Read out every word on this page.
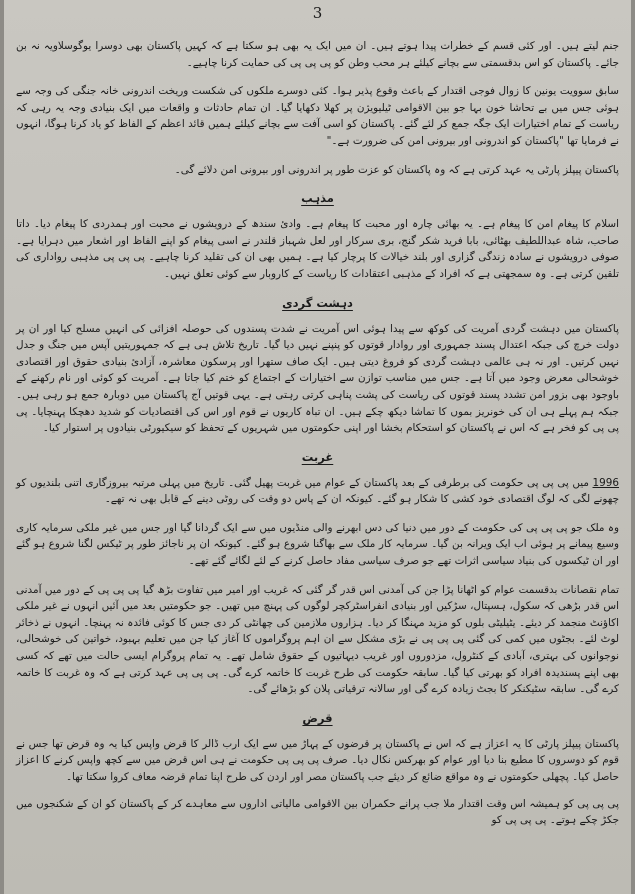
3

جنم لیتے ہیں۔ اور کئی قسم کے خطرات پیدا ہوتے ہیں۔ ان میں ایک یہ بھی ہو سکتا ہے کہ کہیں پاکستان بھی دوسرا یوگوسلاویہ نہ بن جائے۔ پاکستان کو اس بدقسمتی سے بچانے کیلئے ہر محب وطن کو پی پی پی کی حمایت کرنا چاہیے۔

سابق سوویت یونین کا زوال فوجی اقتدار کے باعث وقوع پذیر ہوا۔ کئی دوسرے ملکوں کی شکست وریخت اندرونی خانہ جنگی کی وجہ سے ہوئی جس میں بے تحاشا خون بہا جو بین الاقوامی ٹیلیویژن پر کھلا دکھایا گیا۔ ان تمام حادثات و واقعات میں ایک بنیادی وجہ یہ رہی کہ ریاست کے تمام اختیارات ایک جگہ جمع کر لئے گئے۔ پاکستان کو اسی آفت سے بچانے کیلئے ہمیں قائد اعظم کے الفاظ کو یاد کرنا ہوگا، انہوں نے فرمایا تھا "پاکستان کو اندرونی اور بیرونی امن کی ضرورت ہے۔"

پاکستان پیپلز پارٹی یہ عہد کرتی ہے کہ وہ پاکستان کو عزت طور پر اندرونی اور بیرونی امن دلائے گی۔

مذہب

اسلام کا پیغام امن کا پیغام ہے۔ یہ بھائی چارہ اور محبت کا پیغام ہے۔ وادیٔ سندھ کے درویشوں نے محبت اور ہمدردی کا پیغام دیا۔ داتا صاحب، شاہ عبداللطیف بھٹائی، بابا فرید شکر گنج، بری سرکار اور لعل شہباز قلندر نے اسی پیغام کو اپنے الفاظ اور اشعار میں دہرایا ہے۔ صوفی درویشوں نے سادہ زندگی گزاری اور بلند خیالات کا پرچار کیا ہے۔ ہمیں بھی ان کی تقلید کرنا چاہیے۔ پی پی پی مذہبی رواداری کی تلقین کرتی ہے۔ وہ سمجھتی ہے کہ افراد کے مذہبی اعتقادات کا ریاست کے کاروبار سے کوئی تعلق نہیں۔

دہشت گردی

پاکستان میں دہشت گردی آمریت کی کوکھ سے پیدا ہوئی اس آمریت نے شدت پسندوں کی حوصلہ افزائی کی انہیں مسلح کیا اور ان پر دولت خرچ کی جبکہ اعتدال پسند جمہوری اور روادار قوتوں کو پنپنے نہیں دیا گیا۔ تاریخ تلاش ہی ہے کہ جمہوریتیں آپس میں جنگ و جدل نہیں کرتیں۔ اور نہ ہی عالمی دہشت گردی کو فروغ دیتی ہیں۔ ایک صاف ستھرا اور پرسکون معاشرہ، آزادیٔ بنیادی حقوق اور اقتصادی خوشحالی معرض وجود میں آتا ہے۔ جس میں مناسب توازن سے اختیارات کے اجتماع کو ختم کیا جاتا ہے۔ آمریت کو کوئی اور نام رکھنے کے باوجود بھی بزور امن تشدد پسند قوتوں کی ریاست کی پشت پناہی کرتی رہتی ہے۔ یہی قوتیں آج پاکستان میں دوبارہ جمع ہو رہی ہیں۔ جبکہ ہم پہلے ہی ان کی خونریز بموں کا تماشا دیکھ چکے ہیں۔ ان تباہ کاریوں نے قوم اور اس کی اقتصادیات کو شدید دھچکا پہنچایا۔ پی پی پی کو فخر ہے کہ اس نے پاکستان کو استحکام بخشا اور اپنی حکومتوں میں شہریوں کے تحفظ کو سیکیورٹی بنیادوں پر استوار کیا۔

غربت

1996 میں پی پی پی حکومت کی برطرفی کے بعد پاکستان کے عوام میں غربت پھیل گئی۔ تاریخ میں پہلی مرتبہ بیروزگاری اتنی بلندیوں کو چھونے لگی کہ لوگ اقتصادی خود کشی کا شکار ہو گئے۔ کیونکہ ان کے پاس دو وقت کی روٹی دینے کے قابل بھی نہ تھے۔

وہ ملک جو پی پی پی کی حکومت کے دور میں دنیا کی دس ابھرنے والی منڈیوں میں سے ایک گردانا گیا اور جس میں غیر ملکی سرمایہ کاری وسیع پیمانے پر ہوئی اب ایک ویرانہ بن گیا۔ سرمایہ کار ملک سے بھاگنا شروع ہو گئے۔ کیونکہ ان پر ناجائز طور پر ٹیکس لگنا شروع ہو گئے اور ان ٹیکسوں کی بنیاد سیاسی اثرات تھے جو صرف سیاسی مفاد حاصل کرنے کے لئے لگائے گئے تھے۔

تمام نقصانات بدقسمت عوام کو اٹھانا پڑا جن کی آمدنی اس قدر گر گئی کہ غریب اور امیر میں تفاوت بڑھ گیا پی پی پی کے دور میں آمدنی اس قدر بڑھی کہ سکول، ہسپتال، سڑکیں اور بنیادی انفراسٹرکچر لوگوں کی پہنچ میں تھیں۔ جو حکومتیں بعد میں آئیں انہوں نے غیر ملکی اکاؤنٹ منجمد کر دیئے۔ یٹیلیٹی بلوں کو مزید مہنگا کر دیا۔ ہزاروں ملازمین کی چھانٹی کر دی جس کا کوئی فائدہ نہ پہنچا۔ انہوں نے ذخائر لوٹ لئے۔ بجٹوں میں کمی کی گئی پی پی پی نے بڑی مشکل سے ان اہم پروگراموں کا آغاز کیا جن میں تعلیم بہبود، خواتین کی خوشحالی، نوجوانوں کی بہتری، آبادی کے کنٹرول، مزدوروں اور غریب دیہاتیوں کے حقوق شامل تھے۔ یہ تمام پروگرام ایسی حالت میں تھے کہ کسی بھی اپنے پسندیدہ افراد کو بھرتی کیا گیا۔ سابقہ حکومت کی طرح غربت کا خاتمہ کرے گی۔ پی پی پی عہد کرتی ہے کہ وہ غربت کا خاتمہ کرے گی۔ سابقہ سٹیکنکر کا بجٹ زیادہ کرے گی اور سالانہ ترقیاتی پلان کو بڑھائے گی۔

قرض

پاکستان پیپلز پارٹی کا یہ اعزاز ہے کہ اس نے پاکستان پر قرضوں کے پہاڑ میں سے ایک ارب ڈالر کا قرض واپس کیا یہ وہ قرض تھا جس نے قوم کو دوسروں کا مطیع بنا دیا اور عوام کو بھرکس نکال دیا۔ صرف پی پی پی حکومت نے ہی اس قرض میں سے کچھ واپس کرنے کا اعزاز حاصل کیا۔ پچھلی حکومتوں نے وہ مواقع ضائع کر دیئے جب پاکستان مصر اور اردن کی طرح اپنا تمام قرضہ معاف کروا سکتا تھا۔

پی پی پی کو ہمیشہ اس وقت اقتدار ملا جب پرانے حکمران بین الاقوامی مالیاتی اداروں سے معاہدے کر کے پاکستان کو ان کے شکنجوں میں جکڑ چکے ہوتے۔ پی پی پی کو
